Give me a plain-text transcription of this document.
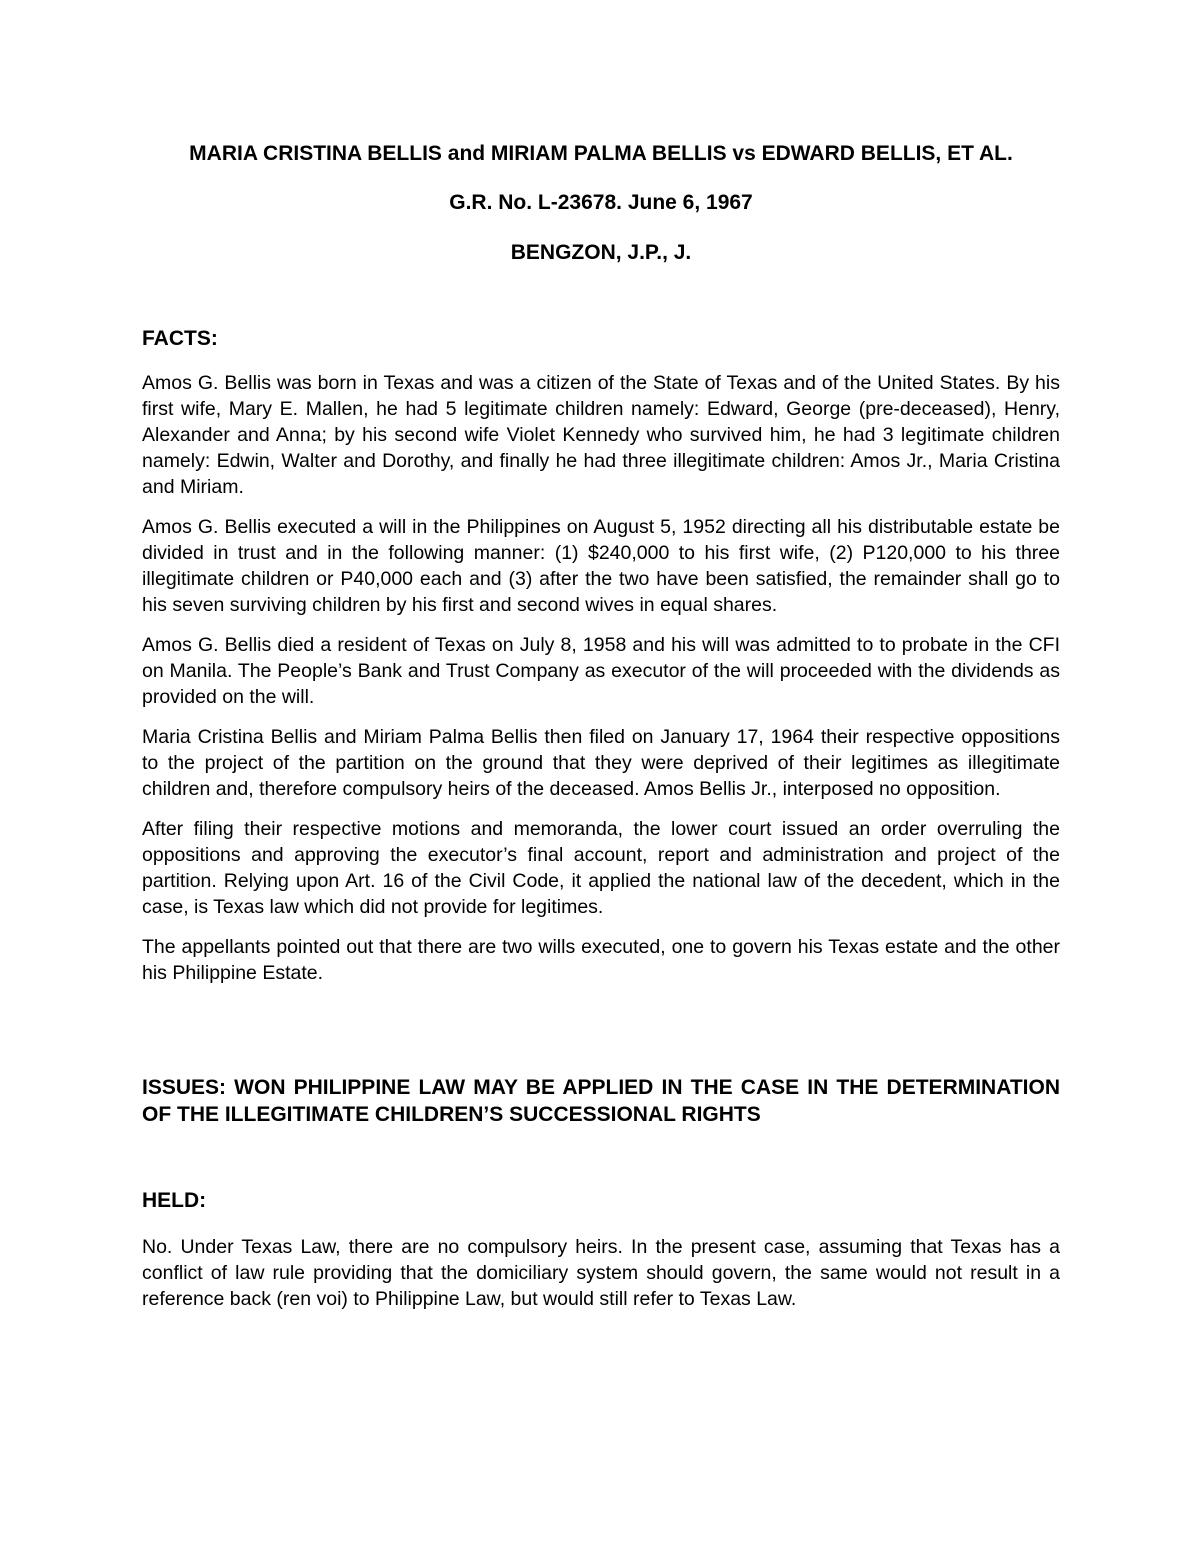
MARIA CRISTINA BELLIS and MIRIAM PALMA BELLIS vs EDWARD BELLIS, ET AL.
G.R. No. L-23678. June 6, 1967
BENGZON, J.P., J.
FACTS:

Amos G. Bellis was born in Texas and was a citizen of the State of Texas and of the United States. By his first wife, Mary E. Mallen, he had 5 legitimate children namely: Edward, George (pre-deceased), Henry, Alexander and Anna; by his second wife Violet Kennedy who survived him, he had 3 legitimate children namely: Edwin, Walter and Dorothy, and finally he had three illegitimate children: Amos Jr., Maria Cristina and Miriam.

Amos G. Bellis executed a will in the Philippines on August 5, 1952 directing all his distributable estate be divided in trust and in the following manner: (1) $240,000 to his first wife, (2) P120,000 to his three illegitimate children or P40,000 each and (3) after the two have been satisfied, the remainder shall go to his seven surviving children by his first and second wives in equal shares.

Amos G. Bellis died a resident of Texas on July 8, 1958 and his will was admitted to to probate in the CFI on Manila. The People’s Bank and Trust Company as executor of the will proceeded with the dividends as provided on the will.

Maria Cristina Bellis and Miriam Palma Bellis then filed on January 17, 1964 their respective oppositions to the project of the partition on the ground that they were deprived of their legitimes as illegitimate children and, therefore compulsory heirs of the deceased. Amos Bellis Jr., interposed no opposition.

After filing their respective motions and memoranda, the lower court issued an order overruling the oppositions and approving the executor’s final account, report and administration and project of the partition. Relying upon Art. 16 of the Civil Code, it applied the national law of the decedent, which in the case, is Texas law which did not provide for legitimes.

The appellants pointed out that there are two wills executed, one to govern his Texas estate and the other his Philippine Estate.

ISSUES: WON PHILIPPINE LAW MAY BE APPLIED IN THE CASE IN THE DETERMINATION OF THE ILLEGITIMATE CHILDREN’S SUCCESSIONAL RIGHTS
HELD:

No. Under Texas Law, there are no compulsory heirs. In the present case, assuming that Texas has a conflict of law rule providing that the domiciliary system should govern, the same would not result in a reference back (ren voi) to Philippine Law, but would still refer to Texas Law.
